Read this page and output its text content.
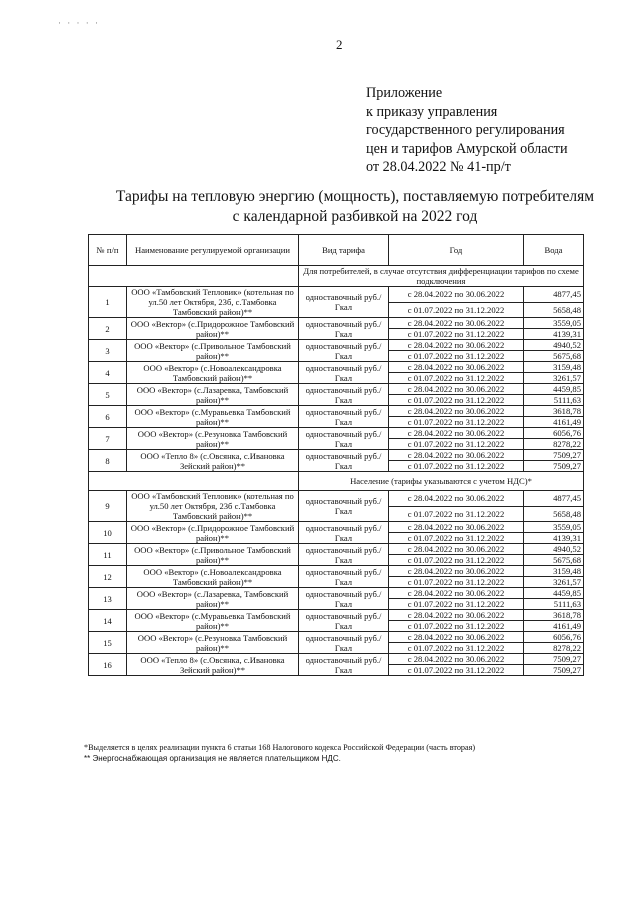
· · · · ·
2
Приложение
к приказу управления
государственного регулирования
цен и тарифов Амурской области
от 28.04.2022 № 41-пр/т
Тарифы на тепловую энергию (мощность), поставляемую потребителям
с календарной разбивкой на 2022 год
№ п/п	Наименование регулируемой организации	Вид тарифа	Год	Вода
		Для потребителей, в случае отсутствия дифференциации тарифов по схеме подключения		
1	ООО «Тамбовский Тепловик» (котельная по ул.50 лет Октября, 23б, с.Тамбовка Тамбовский район)**	одноставочный руб./Гкал	с 28.04.2022 по 30.06.2022	4877,45
			с 01.07.2022 по 31.12.2022	5658,48
2	ООО «Вектор» (с.Придорожное Тамбовский район)**	одноставочный руб./Гкал	с 28.04.2022 по 30.06.2022	3559,05
			с 01.07.2022 по 31.12.2022	4139,31
3	ООО «Вектор» (с.Привольное Тамбовский район)**	одноставочный руб./Гкал	с 28.04.2022 по 30.06.2022	4940,52
			с 01.07.2022 по 31.12.2022	5675,68
4	ООО «Вектор» (с.Новоалександровка Тамбовский район)**	одноставочный руб./Гкал	с 28.04.2022 по 30.06.2022	3159,48
			с 01.07.2022 по 31.12.2022	3261,57
5	ООО «Вектор» (с.Лазаревка, Тамбовский район)**	одноставочный руб./Гкал	с 28.04.2022 по 30.06.2022	4459,85
			с 01.07.2022 по 31.12.2022	5111,63
6	ООО «Вектор» (с.Муравьевка Тамбовский район)**	одноставочный руб./Гкал	с 28.04.2022 по 30.06.2022	3618,78
			с 01.07.2022 по 31.12.2022	4161,49
7	ООО «Вектор» (с.Резуновка Тамбовский район)**	одноставочный руб./Гкал	с 28.04.2022 по 30.06.2022	6056,76
			с 01.07.2022 по 31.12.2022	8278,22
8	ООО «Тепло 8» (с.Овсянка, с.Ивановка Зейский район)**	одноставочный руб./Гкал	с 28.04.2022 по 30.06.2022	7509,27
			с 01.07.2022 по 31.12.2022	7509,27
		Население (тарифы указываются с учетом НДС)*		
9	ООО «Тамбовский Тепловик» (котельная по ул.50 лет Октября, 23б с.Тамбовка Тамбовский район)**	одноставочный руб./Гкал	с 28.04.2022 по 30.06.2022	4877,45
			с 01.07.2022 по 31.12.2022	5658,48
10	ООО «Вектор» (с.Придорожное Тамбовский район)**	одноставочный руб./Гкал	с 28.04.2022 по 30.06.2022	3559,05
			с 01.07.2022 по 31.12.2022	4139,31
11	ООО «Вектор» (с.Привольное Тамбовский район)**	одноставочный руб./Гкал	с 28.04.2022 по 30.06.2022	4940,52
			с 01.07.2022 по 31.12.2022	5675,68
12	ООО «Вектор» (с.Новоалександровка Тамбовский район)**	одноставочный руб./Гкал	с 28.04.2022 по 30.06.2022	3159,48
			с 01.07.2022 по 31.12.2022	3261,57
13	ООО «Вектор» (с.Лазаревка, Тамбовский район)**	одноставочный руб./Гкал	с 28.04.2022 по 30.06.2022	4459,85
			с 01.07.2022 по 31.12.2022	5111,63
14	ООО «Вектор» (с.Муравьевка Тамбовский район)**	одноставочный руб./Гкал	с 28.04.2022 по 30.06.2022	3618,78
			с 01.07.2022 по 31.12.2022	4161,49
15	ООО «Вектор» (с.Резуновка Тамбовский район)**	одноставочный руб./Гкал	с 28.04.2022 по 30.06.2022	6056,76
			с 01.07.2022 по 31.12.2022	8278,22
16	ООО «Тепло 8» (с.Овсянка, с.Ивановка Зейский район)**	одноставочный руб./Гкал	с 28.04.2022 по 30.06.2022	7509,27
			с 01.07.2022 по 31.12.2022	7509,27
*Выделяется в целях реализации пункта 6 статьи 168 Налогового кодекса Российской Федерации (часть вторая)
** Энергоснабжающая организация не является плательщиком НДС.
